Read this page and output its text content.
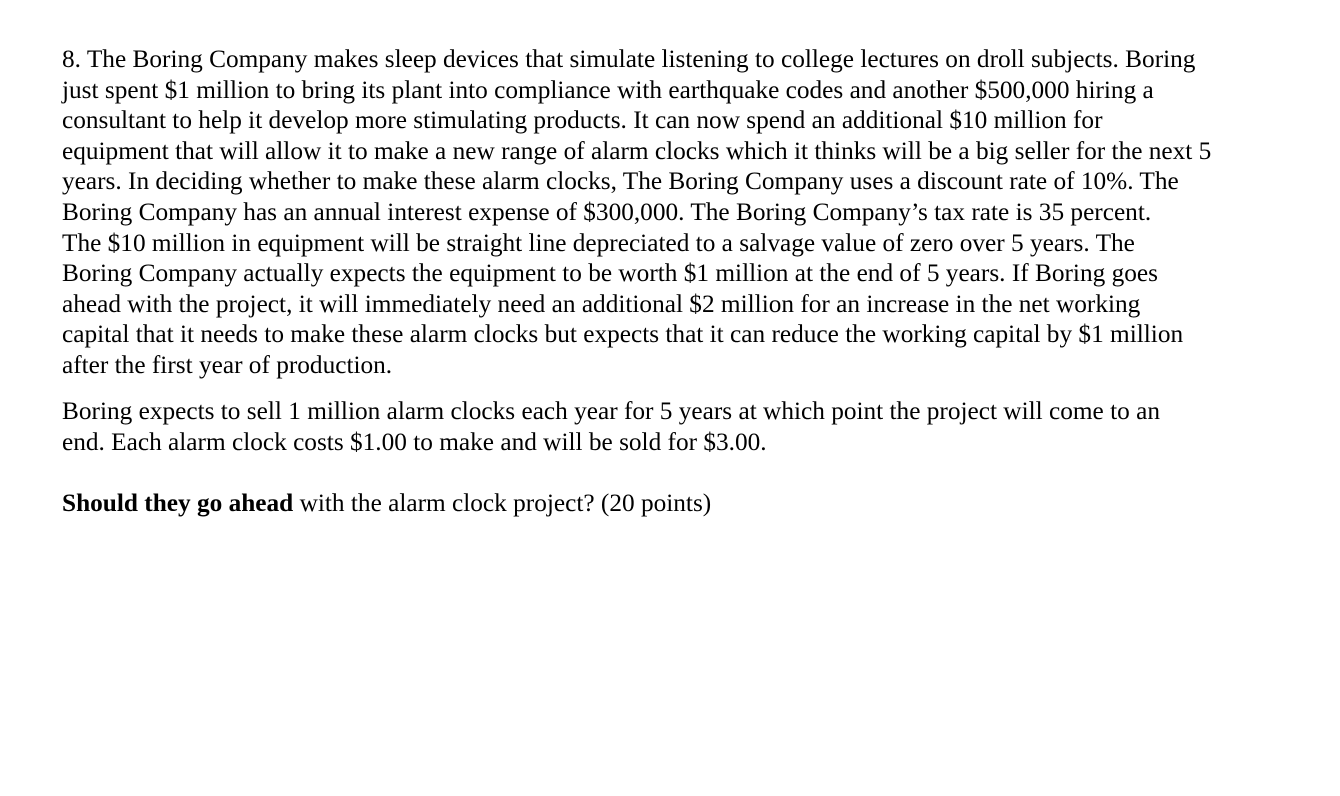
8. The Boring Company makes sleep devices that simulate listening to college lectures on droll subjects. Boring
just spent $1 million to bring its plant into compliance with earthquake codes and another $500,000 hiring a
consultant to help it develop more stimulating products. It can now spend an additional $10 million for
equipment that will allow it to make a new range of alarm clocks which it thinks will be a big seller for the next 5
years. In deciding whether to make these alarm clocks, The Boring Company uses a discount rate of 10%. The
Boring Company has an annual interest expense of $300,000. The Boring Company’s tax rate is 35 percent.
The $10 million in equipment will be straight line depreciated to a salvage value of zero over 5 years. The
Boring Company actually expects the equipment to be worth $1 million at the end of 5 years. If Boring goes
ahead with the project, it will immediately need an additional $2 million for an increase in the net working
capital that it needs to make these alarm clocks but expects that it can reduce the working capital by $1 million
after the first year of production.
Boring expects to sell 1 million alarm clocks each year for 5 years at which point the project will come to an
end. Each alarm clock costs $1.00 to make and will be sold for $3.00.
Should they go ahead with the alarm clock project? (20 points)
